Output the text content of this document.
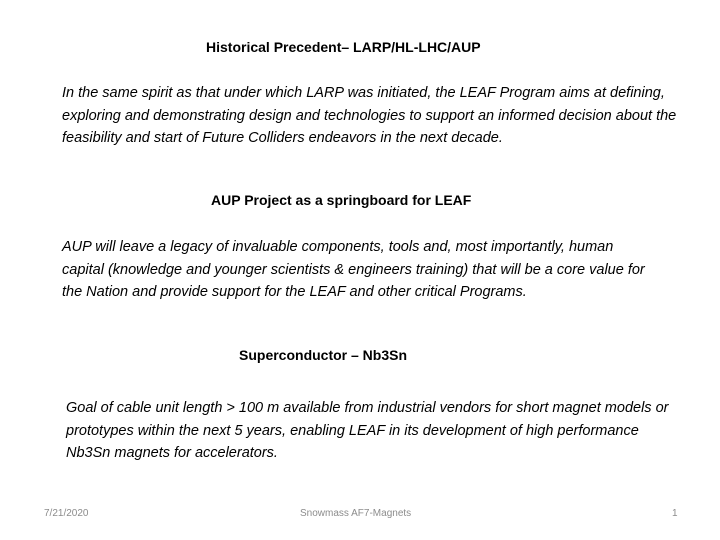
Historical Precedent– LARP/HL-LHC/AUP

In the same spirit as that under which LARP was initiated, the LEAF Program aims at defining, exploring and demonstrating design and technologies to support an informed decision about the feasibility and start of Future Colliders endeavors in the next decade.

AUP Project as a springboard for LEAF

AUP will leave a legacy of invaluable components, tools and, most importantly, human capital (knowledge and younger scientists & engineers training) that will be a core value for the Nation and provide support for the LEAF and other critical Programs.

Superconductor – Nb3Sn

Goal of cable unit length > 100 m available from industrial vendors for short magnet models or prototypes within the next 5 years, enabling LEAF in its development of high performance Nb3Sn magnets for accelerators.

7/21/2020	Snowmass AF7-Magnets	1
